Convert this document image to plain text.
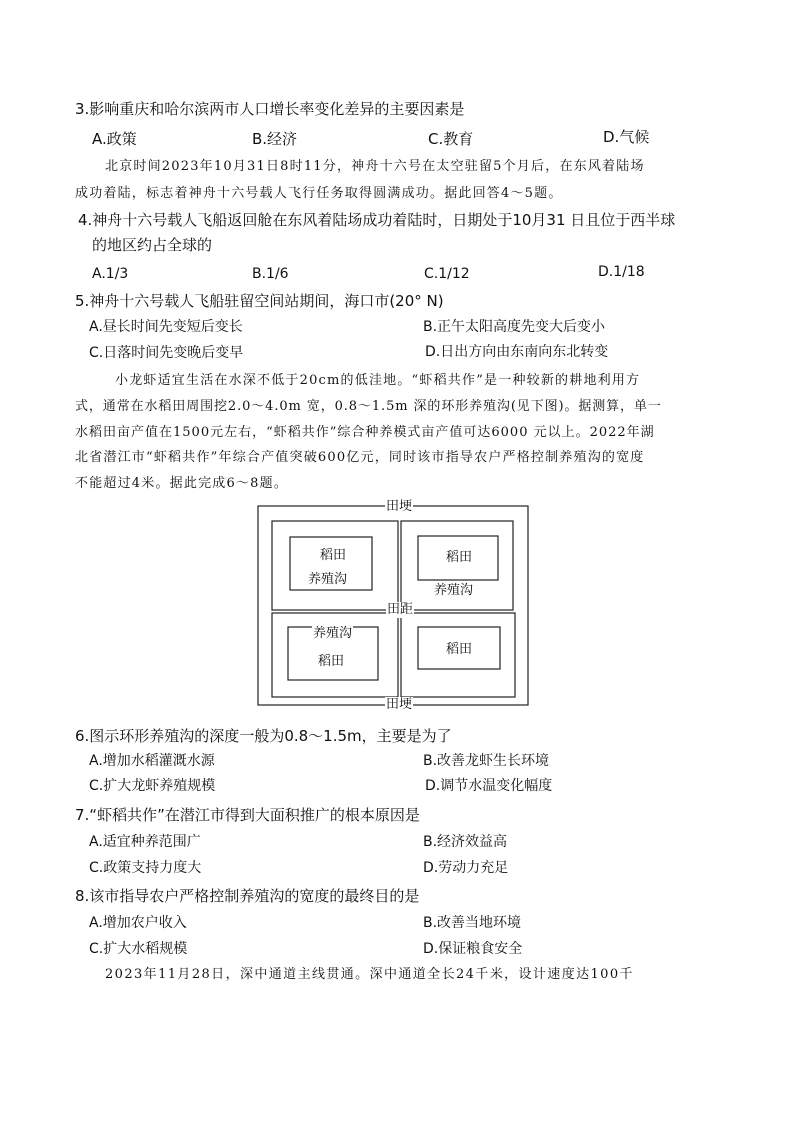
3.影响重庆和哈尔滨两市人口增长率变化差异的主要因素是
A.政策	B.经济	C.教育	D.气候
北京时间2023年10月31日8时11分，神舟十六号在太空驻留5个月后，在东风着陆场
成功着陆，标志着神舟十六号载人飞行任务取得圆满成功。据此回答4～5题。
4.神舟十六号载人飞船返回舱在东风着陆场成功着陆时，日期处于10月31 日且位于西半球
的地区约占全球的
A.1/3	B.1/6	C.1/12	D.1/18
5.神舟十六号载人飞船驻留空间站期间，海口市(20° N)
A.昼长时间先变短后变长	B.正午太阳高度先变大后变小
C.日落时间先变晚后变早	D.日出方向由东南向东北转变
小龙虾适宜生活在水深不低于20cm的低洼地。“虾稻共作”是一种较新的耕地利用方
式，通常在水稻田周围挖2.0～4.0m 宽，0.8～1.5m 深的环形养殖沟(见下图)。据测算，单一
水稻田亩产值在1500元左右，“虾稻共作”综合种养模式亩产值可达6000 元以上。2022年湖
北省潜江市“虾稻共作”年综合产值突破600亿元，同时该市指导农户严格控制养殖沟的宽度
不能超过4米。据此完成6～8题。
田埂
稻田
养殖沟
稻田
养殖沟
田距
养殖沟
稻田
稻田
田埂
6.图示环形养殖沟的深度一般为0.8～1.5m，主要是为了
A.增加水稻灌溉水源	B.改善龙虾生长环境
C.扩大龙虾养殖规模	D.调节水温变化幅度
7.“虾稻共作”在潜江市得到大面积推广的根本原因是
A.适宜种养范围广	B.经济效益高
C.政策支持力度大	D.劳动力充足
8.该市指导农户严格控制养殖沟的宽度的最终目的是
A.增加农户收入	B.改善当地环境
C.扩大水稻规模	D.保证粮食安全
2023年11月28日，深中通道主线贯通。深中通道全长24千米，设计速度达100千
